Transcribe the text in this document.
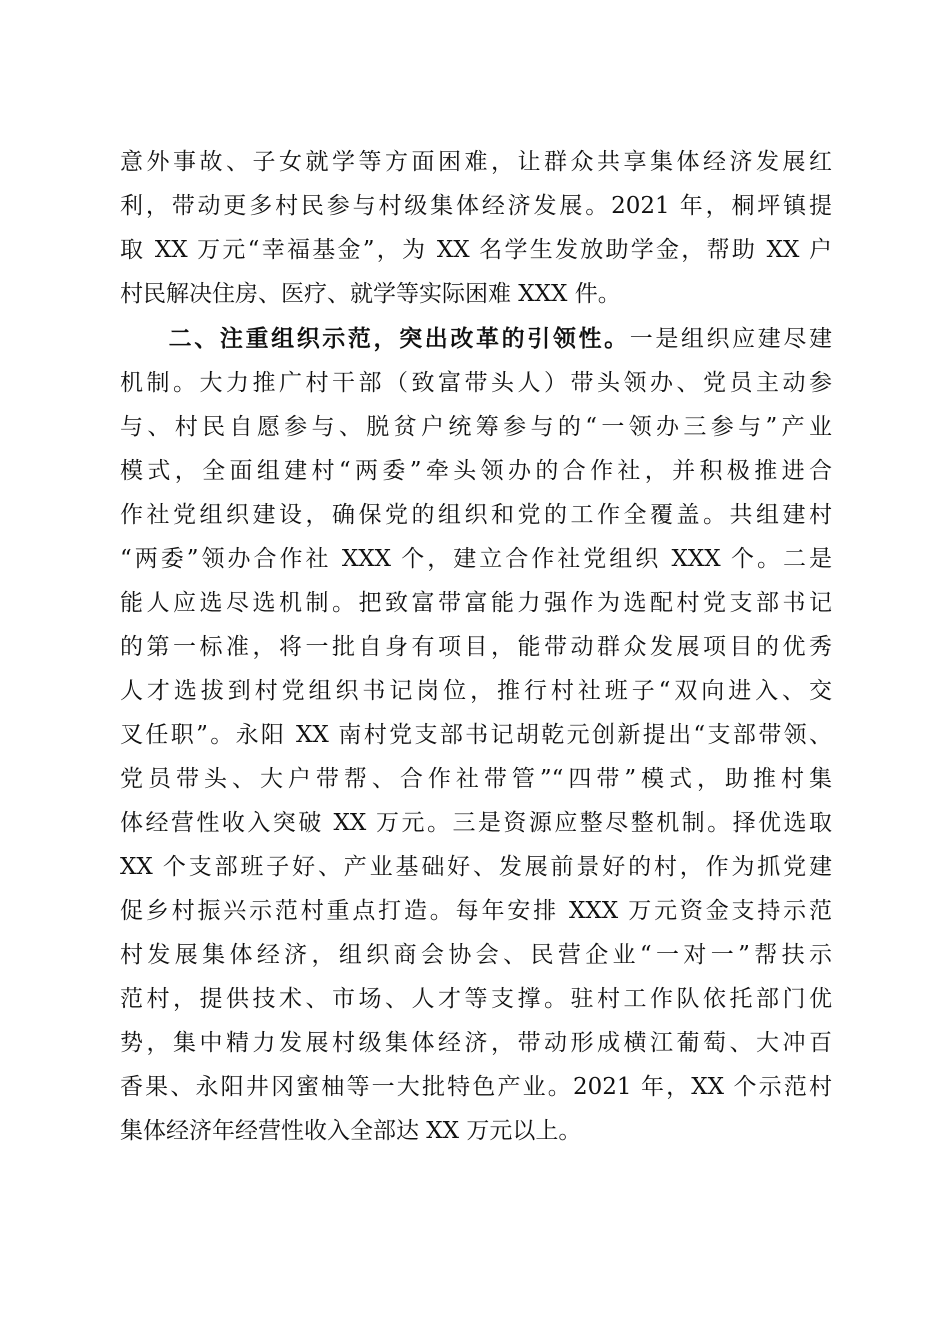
意外事故、子女就学等方面困难，让群众共享集体经济发展红
利，带动更多村民参与村级集体经济发展。2021 年，桐坪镇提
取 XX 万元“幸福基金”，为 XX 名学生发放助学金，帮助 XX 户
村民解决住房、医疗、就学等实际困难 XXX 件。
二、注重组织示范，突出改革的引领性。一是组织应建尽建
机制。大力推广村干部（致富带头人）带头领办、党员主动参
与、村民自愿参与、脱贫户统筹参与的“一领办三参与”产业
模式，全面组建村“两委”牵头领办的合作社，并积极推进合
作社党组织建设，确保党的组织和党的工作全覆盖。共组建村
“两委”领办合作社 XXX 个，建立合作社党组织 XXX 个。二是
能人应选尽选机制。把致富带富能力强作为选配村党支部书记
的第一标准，将一批自身有项目，能带动群众发展项目的优秀
人才选拔到村党组织书记岗位，推行村社班子“双向进入、交
叉任职”。永阳 XX 南村党支部书记胡乾元创新提出“支部带领、
党员带头、大户带帮、合作社带管”“四带”模式，助推村集
体经营性收入突破 XX 万元。三是资源应整尽整机制。择优选取
XX 个支部班子好、产业基础好、发展前景好的村，作为抓党建
促乡村振兴示范村重点打造。每年安排 XXX 万元资金支持示范
村发展集体经济，组织商会协会、民营企业“一对一”帮扶示
范村，提供技术、市场、人才等支撑。驻村工作队依托部门优
势，集中精力发展村级集体经济，带动形成横江葡萄、大冲百
香果、永阳井冈蜜柚等一大批特色产业。2021 年，XX 个示范村
集体经济年经营性收入全部达 XX 万元以上。
